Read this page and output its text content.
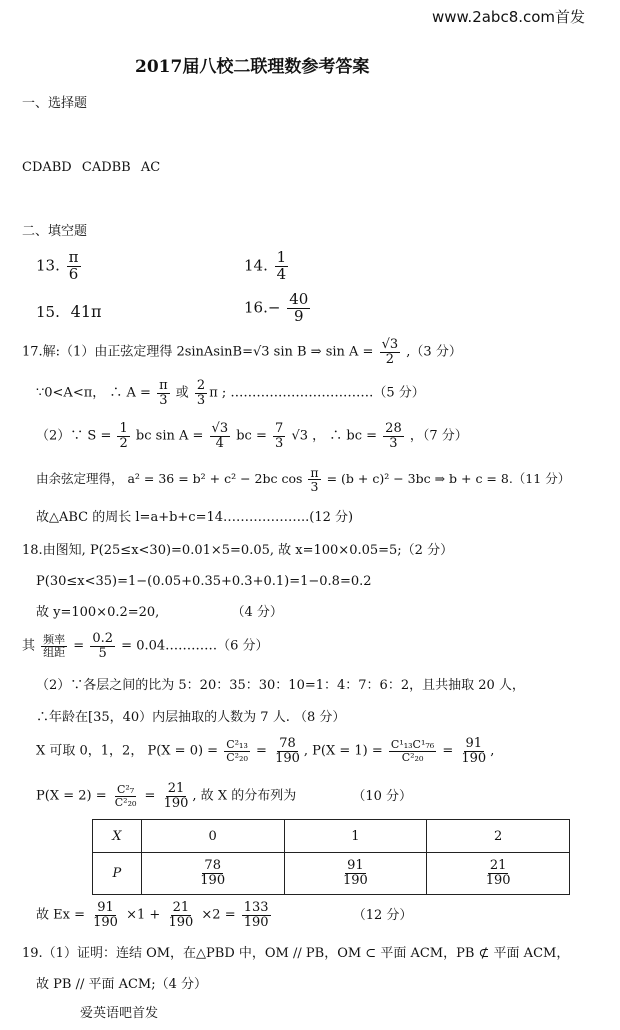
www.2abc8.com首发
2017届八校二联理数参考答案
一、选择题
CDABD CADBB AC
二、填空题
13. $\frac{\pi}{6}$	14. $\frac{1}{4}$
15. 41π	$16.- \frac{40}{9}$
17.解:（1）由正弦定理得 2sinAsinB=√3 sin B ⇒ $\sin A = \frac{√3}{2} ,(3$ 分）
∵0<A<π， ∴ $A = \frac{\pi}{3}$ 或 $\frac{2}{3}$ π ; ……………………………（5 分）
（2）∵ $S = \frac{1}{2}$ bc $\sin A = \frac{√3}{4}$ bc = $\frac{7}{3} √3$ ， ∴ bc = $\frac{28}{3}$ ，（7 分）
由余弦定理得， a² = 36 = b² + c² − 2bc $\cos \frac{\pi}{3} = (b + c)^2 - 3bc$ ⇒ b + c = 8.（11 分）
故△ABC 的周长 l=a+b+c=14………………..(12 分)
18.由图知, P(25≤x<30)=0.01×5=0.05, 故 x=100×0.05=5;（2 分）
P(30≤x<35)=1−(0.05+0.35+0.3+0.1)=1−0.8=0.2
故 y=100×0.2=20,	（4 分）
其 $\frac{\text{频率}}{\text{组距}} = \frac{0.2}{5}$ = 0.04…………（6 分）
（2）∵各层之间的比为 5：20：35：30：10=1：4：7：6：2，且共抽取 20 人，
∴年龄在[35，40）内层抽取的人数为 7 人. （8 分）
X 可取 0，1，2， $P(X = 0) = \frac{\text{C²₁₃}}{\text{C²₂₀}} = \frac{78}{190}$ , $P(X = 1) = \frac{\text{C¹₁₃C¹₇₆}}{\text{C²₂₀}} = \frac{91}{190}$ ,
$P(X = 2) = \frac{\text{C²₇}}{\text{C²₂₀}} = \frac{21}{190}$ , 故 X 的分布列为	（10 分）
X	0	1	2
P	$\frac{78}{190}$	$\frac{91}{190}$	$\frac{21}{190}$
故 $Ex = \frac{91}{190} \times 1 + \frac{21}{190} \times 2 = \frac{133}{190}$	（12 分）
19.（1）证明：连结 OM，在△PBD 中，OM // PB，OM ⊂ 平面 ACM，PB ⊄ 平面 ACM，
故 PB // 平面 ACM;（4 分）
爱英语吧首发
